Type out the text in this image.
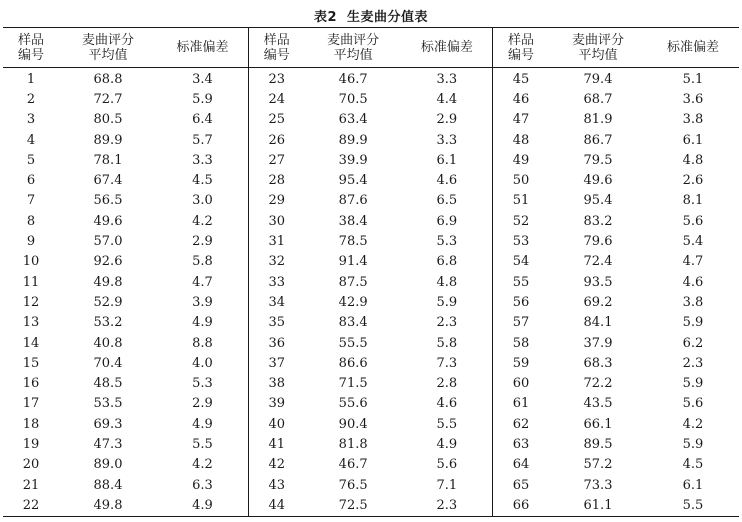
表2 生麦曲分值表
样品
编号
麦曲评分
平均值	标准偏差
1	68.8	3.4
2	72.7	5.9
3	80.5	6.4
4	89.9	5.7
5	78.1	3.3
6	67.4	4.5
7	56.5	3.0
8	49.6	4.2
9	57.0	2.9
10	92.6	5.8
11	49.8	4.7
12	52.9	3.9
13	53.2	4.9
14	40.8	8.8
15	70.4	4.0
16	48.5	5.3
17	53.5	2.9
18	69.3	4.9
19	47.3	5.5
20	89.0	4.2
21	88.4	6.3
22	49.8	4.9
样品
编号
麦曲评分
平均值	标准偏差
23	46.7	3.3
24	70.5	4.4
25	63.4	2.9
26	89.9	3.3
27	39.9	6.1
28	95.4	4.6
29	87.6	6.5
30	38.4	6.9
31	78.5	5.3
32	91.4	6.8
33	87.5	4.8
34	42.9	5.9
35	83.4	2.3
36	55.5	5.8
37	86.6	7.3
38	71.5	2.8
39	55.6	4.6
40	90.4	5.5
41	81.8	4.9
42	46.7	5.6
43	76.5	7.1
44	72.5	2.3
样品
编号
麦曲评分
平均值	标准偏差
45	79.4	5.1
46	68.7	3.6
47	81.9	3.8
48	86.7	6.1
49	79.5	4.8
50	49.6	2.6
51	95.4	8.1
52	83.2	5.6
53	79.6	5.4
54	72.4	4.7
55	93.5	4.6
56	69.2	3.8
57	84.1	5.9
58	37.9	6.2
59	68.3	2.3
60	72.2	5.9
61	43.5	5.6
62	66.1	4.2
63	89.5	5.9
64	57.2	4.5
65	73.3	6.1
66	61.1	5.5
